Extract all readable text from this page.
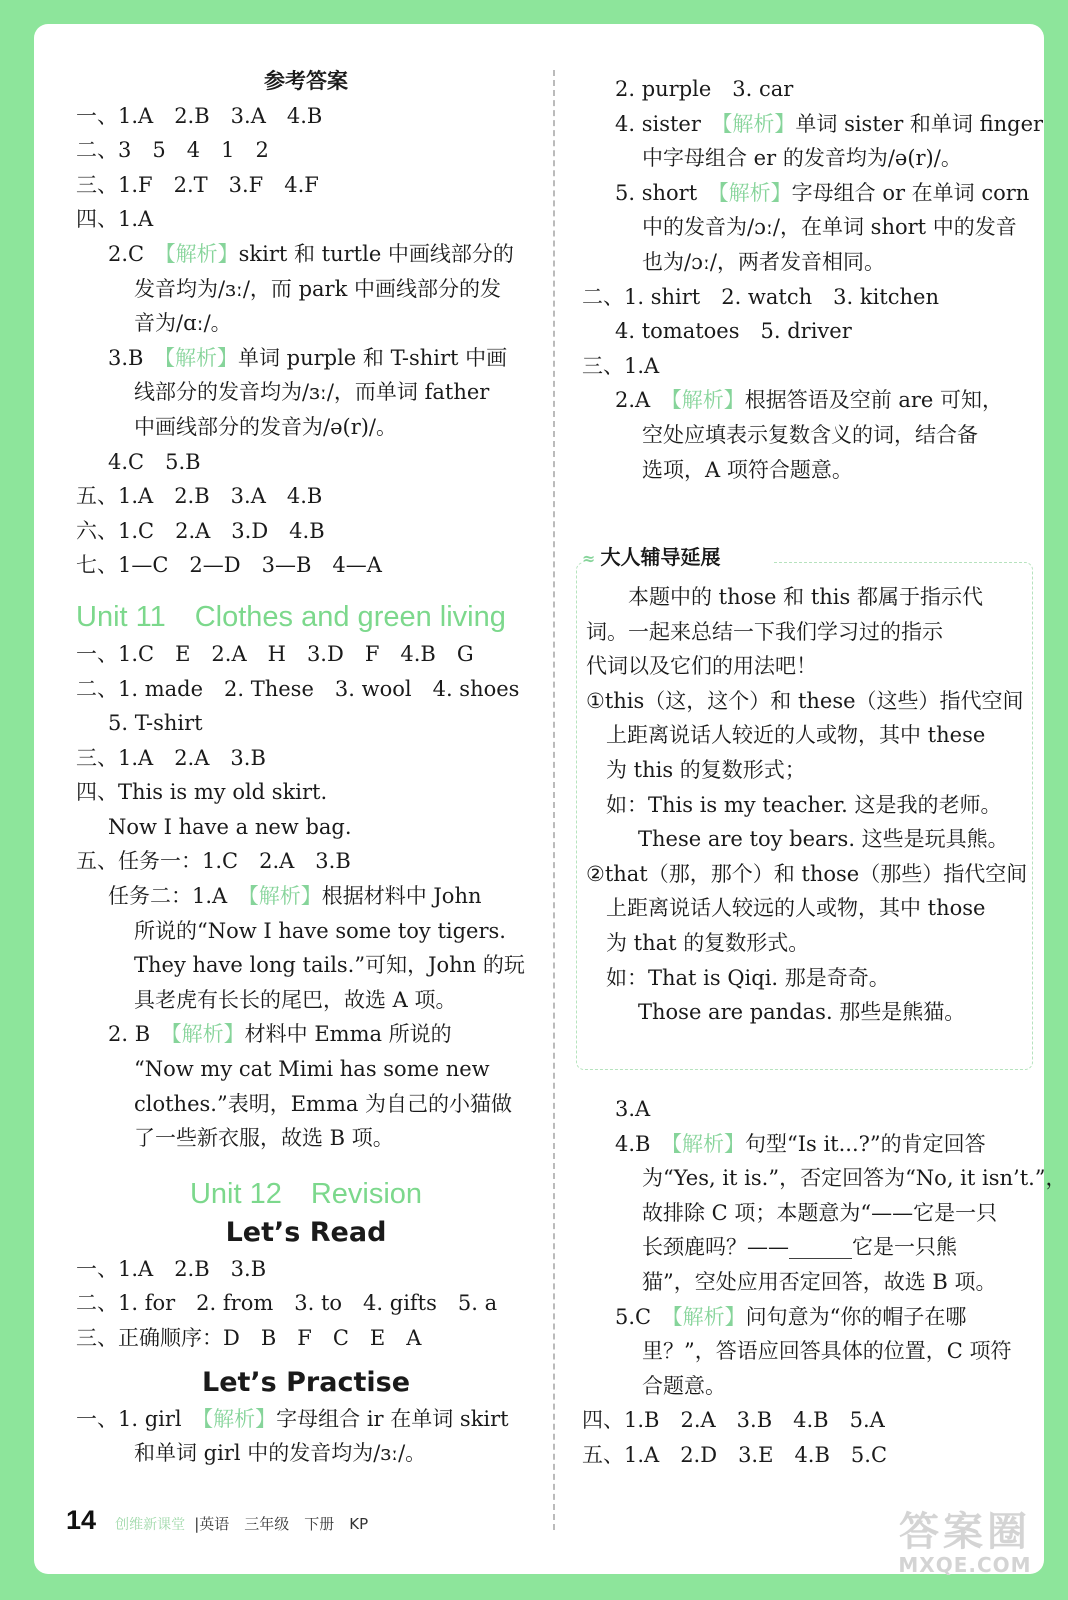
参考答案
一、1.A　2.B　3.A　4.B
二、3　5　4　1　2
三、1.F　2.T　3.F　4.F
四、1.A
2.C　【解析】skirt 和 turtle 中画线部分的
发音均为/ɜː/，而 park 中画线部分的发
音为/ɑː/。
3.B　【解析】单词 purple 和 T-shirt 中画
线部分的发音均为/ɜː/，而单词 father
中画线部分的发音为/ə(r)/。
4.C　5.B
五、1.A　2.B　3.A　4.B
六、1.C　2.A　3.D　4.B
七、1—C　2—D　3—B　4—A
Unit 11　Clothes and green living
一、1.C　E　2.A　H　3.D　F　4.B　G
二、1. made　2. These　3. wool　4. shoes
5. T-shirt
三、1.A　2.A　3.B
四、This is my old skirt.
Now I have a new bag.
五、任务一：1.C　2.A　3.B
任务二：1.A　【解析】根据材料中 John
所说的“Now I have some toy tigers.
They have long tails.”可知，John 的玩
具老虎有长长的尾巴，故选 A 项。
2. B　【解析】材料中 Emma 所说的
“Now my cat Mimi has some new
clothes.”表明，Emma 为自己的小猫做
了一些新衣服，故选 B 项。
Unit 12　Revision
Let’s Read
一、1.A　2.B　3.B
二、1. for　2. from　3. to　4. gifts　5. a
三、正确顺序：D　B　F　C　E　A
Let’s Practise
一、1. girl　【解析】字母组合 ir 在单词 skirt
和单词 girl 中的发音均为/ɜː/。
2. purple　3. car
4. sister　【解析】单词 sister 和单词 finger
中字母组合 er 的发音均为/ə(r)/。
5. short　【解析】字母组合 or 在单词 corn
中的发音为/ɔː/，在单词 short 中的发音
也为/ɔː/，两者发音相同。
二、1. shirt　2. watch　3. kitchen
4. tomatoes　5. driver
三、1.A
2.A　【解析】根据答语及空前 are 可知，
空处应填表示复数含义的词，结合备
选项，A 项符合题意。
≈ 大人辅导延展
本题中的 those 和 this 都属于指示代
词。一起来总结一下我们学习过的指示
代词以及它们的用法吧！
①this（这，这个）和 these（这些）指代空间
上距离说话人较近的人或物，其中 these
为 this 的复数形式；
如：This is my teacher. 这是我的老师。
These are toy bears. 这些是玩具熊。
②that（那，那个）和 those（那些）指代空间
上距离说话人较远的人或物，其中 those
为 that 的复数形式。
如：That is Qiqi. 那是奇奇。
Those are pandas. 那些是熊猫。
3.A
4.B　【解析】句型“Is it...?”的肯定回答
为“Yes, it is.”，否定回答为“No, it isn’t.”，
故排除 C 项；本题意为“——它是一只
长颈鹿吗？——______它是一只熊
猫”，空处应用否定回答，故选 B 项。
5.C　【解析】问句意为“你的帽子在哪
里？”，答语应回答具体的位置，C 项符
合题意。
四、1.B　2.A　3.B　4.B　5.A
五、1.A　2.D　3.E　4.B　5.C
14 创维新课堂 |英语　三年级　下册　KP	答案圈
MXQE.COM
